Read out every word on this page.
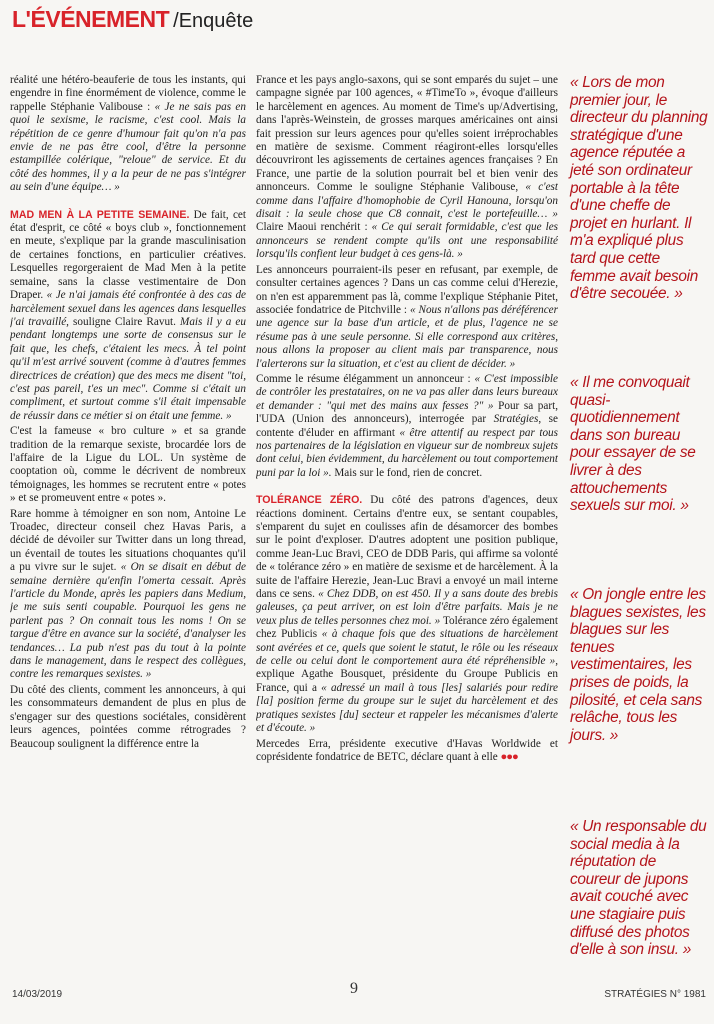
L'ÉVÉNEMENT /Enquête

réalité une hétéro-beauferie de tous les instants, qui engendre in fine énormément de violence, comme le rappelle Stéphanie Valibouse : « Je ne sais pas en quoi le sexisme, le racisme, c'est cool. Mais la répétition de ce genre d'humour fait qu'on n'a pas envie de ne pas être cool, d'être la personne estampillée colérique, "reloue" de service. Et du côté des hommes, il y a la peur de ne pas s'intégrer au sein d'une équipe… »

MAD MEN À LA PETITE SEMAINE. De fait, cet état d'esprit, ce côté « boys club », fonctionnement en meute, s'explique par la grande masculinisation de certaines fonctions, en particulier créatives. Lesquelles regorgeraient de Mad Men à la petite semaine, sans la classe vestimentaire de Don Draper. « Je n'ai jamais été confrontée à des cas de harcèlement sexuel dans les agences dans lesquelles j'ai travaillé, souligne Claire Ravut. Mais il y a eu pendant longtemps une sorte de consensus sur le fait que, les chefs, c'étaient les mecs. À tel point qu'il m'est arrivé souvent (comme à d'autres femmes directrices de création) que des mecs me disent "toi, c'est pas pareil, t'es un mec". Comme si c'était un compliment, et surtout comme s'il était impensable de réussir dans ce métier si on était une femme. »

C'est la fameuse « bro culture » et sa grande tradition de la remarque sexiste, brocardée lors de l'affaire de la Ligue du LOL. Un système de cooptation où, comme le décrivent de nombreux témoignages, les hommes se recrutent entre « potes » et se promeuvent entre « potes ».

Rare homme à témoigner en son nom, Antoine Le Troadec, directeur conseil chez Havas Paris, a décidé de dévoiler sur Twitter dans un long thread, un éventail de toutes les situations choquantes qu'il a pu vivre sur le sujet. « On se disait en début de semaine dernière qu'enfin l'omerta cessait. Après l'article du Monde, après les papiers dans Medium, je me suis senti coupable. Pourquoi les gens ne parlent pas ? On connait tous les noms ! On se targue d'être en avance sur la société, d'analyser les tendances… La pub n'est pas du tout à la pointe dans le management, dans le respect des collègues, contre les remarques sexistes. »

Du côté des clients, comment les annonceurs, à qui les consommateurs demandent de plus en plus de s'engager sur des questions sociétales, considèrent leurs agences, pointées comme rétrogrades ? Beaucoup soulignent la différence entre la

France et les pays anglo-saxons, qui se sont emparés du sujet – une campagne signée par 100 agences, « #TimeTo », évoque d'ailleurs le harcèlement en agences. Au moment de Time's up/Advertising, dans l'après-Weinstein, de grosses marques américaines ont ainsi fait pression sur leurs agences pour qu'elles soient irréprochables en matière de sexisme. Comment réagiront-elles lorsqu'elles découvriront les agissements de certaines agences françaises ? En France, une partie de la solution pourrait bel et bien venir des annonceurs. Comme le souligne Stéphanie Valibouse, « c'est comme dans l'affaire d'homophobie de Cyril Hanouna, lorsqu'on disait : la seule chose que C8 connait, c'est le portefeuille… » Claire Maoui renchérit : « Ce qui serait formidable, c'est que les annonceurs se rendent compte qu'ils ont une responsabilité lorsqu'ils confient leur budget à ces gens-là. »

Les annonceurs pourraient-ils peser en refusant, par exemple, de consulter certaines agences ? Dans un cas comme celui d'Herezie, on n'en est apparemment pas là, comme l'explique Stéphanie Pitet, associée fondatrice de Pitchville : « Nous n'allons pas déréférencer une agence sur la base d'un article, et de plus, l'agence ne se résume pas à une seule personne. Si elle correspond aux critères, nous allons la proposer au client mais par transparence, nous l'alerterons sur la situation, et c'est au client de décider. »

Comme le résume élégamment un annonceur : « C'est impossible de contrôler les prestataires, on ne va pas aller dans leurs bureaux et demander : "qui met des mains aux fesses ?" » Pour sa part, l'UDA (Union des annonceurs), interrogée par Stratégies, se contente d'éluder en affirmant « être attentif au respect par tous nos partenaires de la législation en vigueur sur de nombreux sujets dont celui, bien évidemment, du harcèlement ou tout comportement puni par la loi ». Mais sur le fond, rien de concret.

TOLÉRANCE ZÉRO. Du côté des patrons d'agences, deux réactions dominent. Certains d'entre eux, se sentant coupables, s'emparent du sujet en coulisses afin de désamorcer des bombes sur le point d'exploser. D'autres adoptent une position publique, comme Jean-Luc Bravi, CEO de DDB Paris, qui affirme sa volonté de « tolérance zéro » en matière de sexisme et de harcèlement. À la suite de l'affaire Herezie, Jean-Luc Bravi a envoyé un mail interne dans ce sens. « Chez DDB, on est 450. Il y a sans doute des brebis galeuses, ça peut arriver, on est loin d'être parfaits. Mais je ne veux plus de telles personnes chez moi. » Tolérance zéro également chez Publicis « à chaque fois que des situations de harcèlement sont avérées et ce, quels que soient le statut, le rôle ou les réseaux de celle ou celui dont le comportement aura été répréhensible », explique Agathe Bousquet, présidente du Groupe Publicis en France, qui a « adressé un mail à tous [les] salariés pour redire [la] position ferme du groupe sur le sujet du harcèlement et des pratiques sexistes [du] secteur et rappeler les mécanismes d'alerte et d'écoute. »

Mercedes Erra, présidente executive d'Havas Worldwide et coprésidente fondatrice de BETC, déclare quant à elle ●●●

« Lors de mon premier jour, le directeur du planning stratégique d'une agence réputée a jeté son ordinateur portable à la tête d'une cheffe de projet en hurlant. Il m'a expliqué plus tard que cette femme avait besoin d'être secouée. »
« Il me convoquait quasi-quotidiennement dans son bureau pour essayer de se livrer à des attouchements sexuels sur moi. »
« On jongle entre les blagues sexistes, les blagues sur les tenues vestimentaires, les prises de poids, la pilosité, et cela sans relâche, tous les jours. »
« Un responsable du social media à la réputation de coureur de jupons avait couché avec une stagiaire puis diffusé des photos d'elle à son insu. »
14/03/2019	9	STRATÉGIES N° 1981
